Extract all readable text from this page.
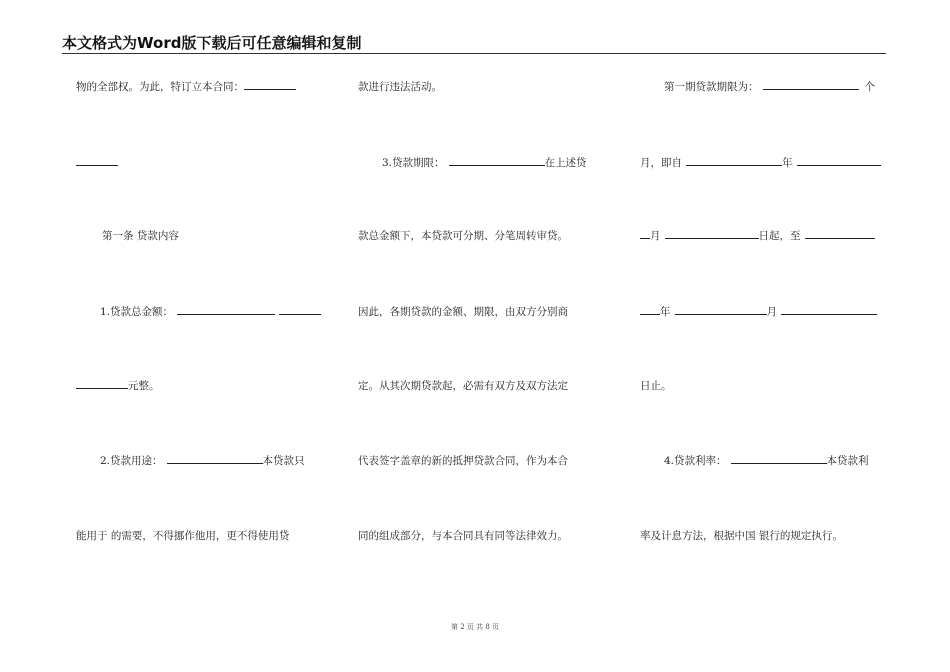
本文格式为Word版下载后可任意编辑和复制
物的全部权。为此，特订立本合同：
第一条 贷款内容
1.贷款总金额：
元整。
2.贷款用途：	本贷款只
能用于 的需要，不得挪作他用，更不得使用贷
款进行违法活动。
3.贷款期限：	在上述贷
款总金额下，本贷款可分期、分笔周转审贷。
因此，各期贷款的金额、期限，由双方分别商
定。从其次期贷款起，必需有双方及双方法定
代表签字盖章的新的抵押贷款合同，作为本合
同的组成部分，与本合同具有同等法律效力。
第一期贷款期限为：	个
月，即自	年
月	日起，至
年	月
日止。
4.贷款利率：	本贷款利
率及计息方法，根据中国 银行的规定执行。
第 2 页 共 8 页
